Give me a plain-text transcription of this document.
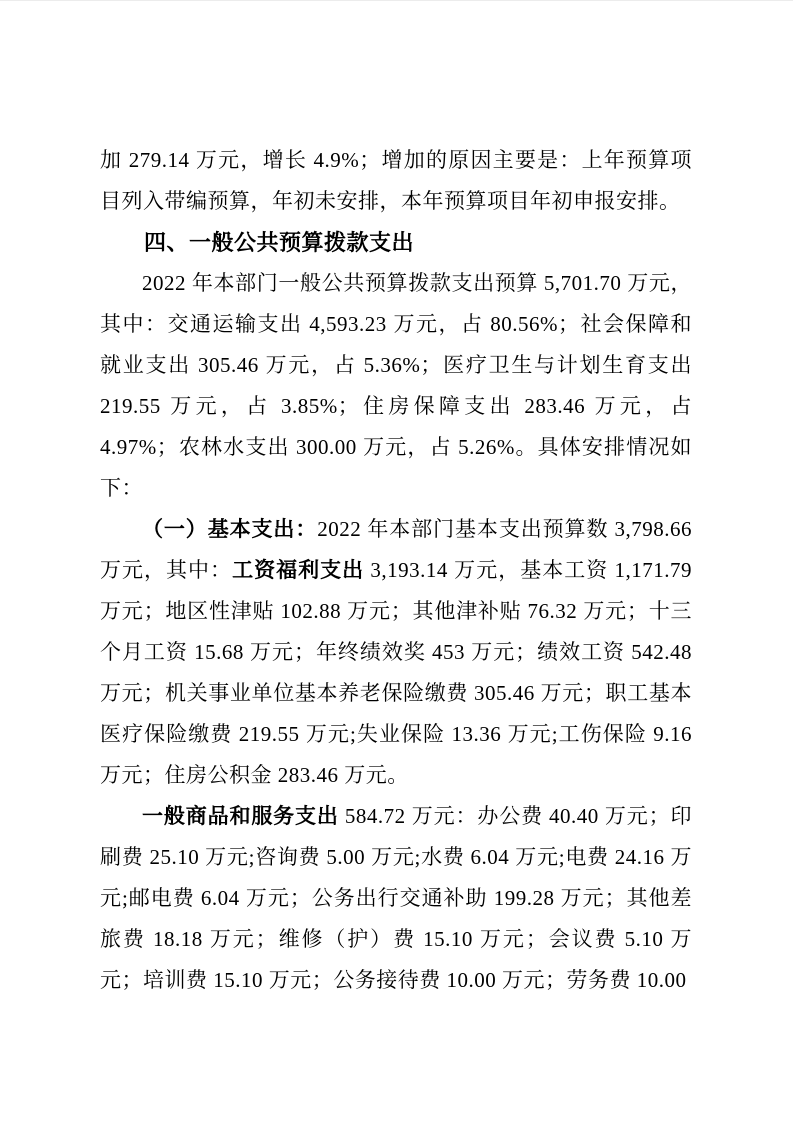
加 279.14 万元，增长 4.9%；增加的原因主要是：上年预算项目列入带编预算，年初未安排，本年预算项目年初申报安排。

四、一般公共预算拨款支出

2022 年本部门一般公共预算拨款支出预算 5,701.70 万元，其中：交通运输支出 4,593.23 万元，占 80.56%；社会保障和就业支出 305.46 万元，占 5.36%；医疗卫生与计划生育支出 219.55 万元，占 3.85%；住房保障支出 283.46 万元，占 4.97%；农林水支出 300.00 万元，占 5.26%。具体安排情况如下：

（一）基本支出：2022 年本部门基本支出预算数 3,798.66 万元，其中：工资福利支出 3,193.14 万元，基本工资 1,171.79 万元；地区性津贴 102.88 万元；其他津补贴 76.32 万元；十三个月工资 15.68 万元；年终绩效奖 453 万元；绩效工资 542.48 万元；机关事业单位基本养老保险缴费 305.46 万元；职工基本医疗保险缴费 219.55 万元;失业保险 13.36 万元;工伤保险 9.16 万元；住房公积金 283.46 万元。

一般商品和服务支出 584.72 万元：办公费 40.40 万元；印刷费 25.10 万元;咨询费 5.00 万元;水费 6.04 万元;电费 24.16 万元;邮电费 6.04 万元；公务出行交通补助 199.28 万元；其他差旅费 18.18 万元；维修（护）费 15.10 万元；会议费 5.10 万元；培训费 15.10 万元；公务接待费 10.00 万元；劳务费 10.00
